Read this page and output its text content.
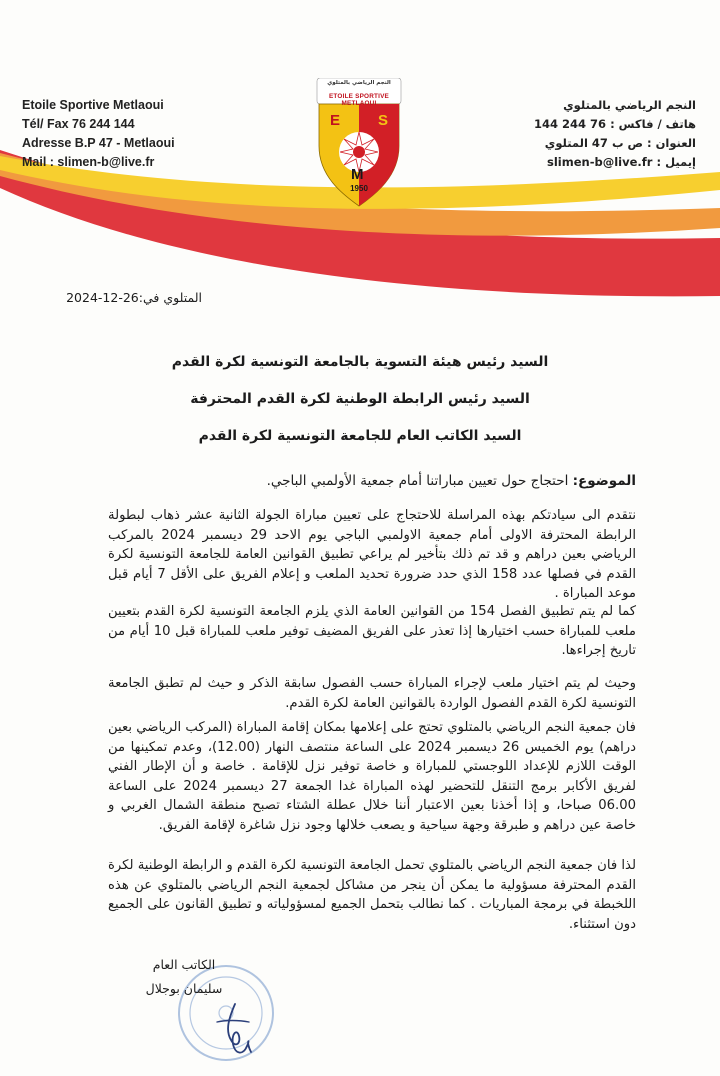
Etoile Sportive Metlaoui
Tél/ Fax 76 244 144
Adresse B.P 47 - Metlaoui
Mail : slimen-b@live.fr
النجم الرياضي بالمتلوي
هاتف / فاكس : 144 244 76
العنوان : ص ب 47 المتلوي
إيميل : slimen-b@live.fr
النجم الرياضي بالمتلوي
ETOILE SPORTIVE METLAOUI
E	S
M
1950
المتلوي في:2024-12-26
السيد رئيس هيئة التسوية بالجامعة التونسية لكرة القدم
السيد رئيس الرابطة الوطنية لكرة القدم المحترفة
السيد الكاتب العام للجامعة التونسية لكرة القدم
الموضوع: احتجاج حول تعيين مباراتنا أمام جمعية الأولمبي الباجي.
نتقدم الى سيادتكم بهذه المراسلة للاحتجاج على تعيين مباراة الجولة الثانية عشر ذهاب لبطولة الرابطة المحترفة الاولى أمام جمعية الاولمبي الباجي يوم الاحد 29 ديسمبر 2024 بالمركب الرياضي بعين دراهم و قد تم ذلك بتأخير لم يراعي تطبيق القوانين العامة للجامعة التونسية لكرة القدم في فصلها عدد 158 الذي حدد ضرورة تحديد الملعب و إعلام الفريق على الأقل 7 أيام قبل موعد المباراة .
كما لم يتم تطبيق الفصل 154 من القوانين العامة الذي يلزم الجامعة التونسية لكرة القدم بتعيين ملعب للمباراة حسب اختيارها إذا تعذر على الفريق المضيف توفير ملعب للمباراة قبل 10 أيام من تاريخ إجراءها.
وحيث لم يتم اختيار ملعب لإجراء المباراة حسب الفصول سابقة الذكر و حيث لم تطبق الجامعة التونسية لكرة القدم الفصول الواردة بالقوانين العامة لكرة القدم.
فان جمعية النجم الرياضي بالمتلوي تحتج على إعلامها بمكان إقامة المباراة (المركب الرياضي بعين دراهم) يوم الخميس 26 ديسمبر 2024 على الساعة منتصف النهار (12.00)، وعدم تمكينها من الوقت اللازم للإعداد اللوجستي للمباراة و خاصة توفير نزل للإقامة . خاصة و أن الإطار الفني لفريق الأكابر برمج التنقل للتحضير لهذه المباراة غدا الجمعة 27 ديسمبر 2024 على الساعة 06.00 صباحا، و إذا أخذنا بعين الاعتبار أننا خلال عطلة الشتاء تصبح منطقة الشمال الغربي و خاصة عين دراهم و طبرقة وجهة سياحية و يصعب خلالها وجود نزل شاغرة لإقامة الفريق.
لذا فان جمعية النجم الرياضي بالمتلوي تحمل الجامعة التونسية لكرة القدم و الرابطة الوطنية لكرة القدم المحترفة مسؤولية ما يمكن أن ينجر من مشاكل لجمعية النجم الرياضي بالمتلوي عن هذه اللخبطة في برمجة المباريات . كما نطالب بتحمل الجميع لمسؤولياته و تطبيق القانون على الجميع دون استثناء.
الكاتب العام
سليمان بوجلال
